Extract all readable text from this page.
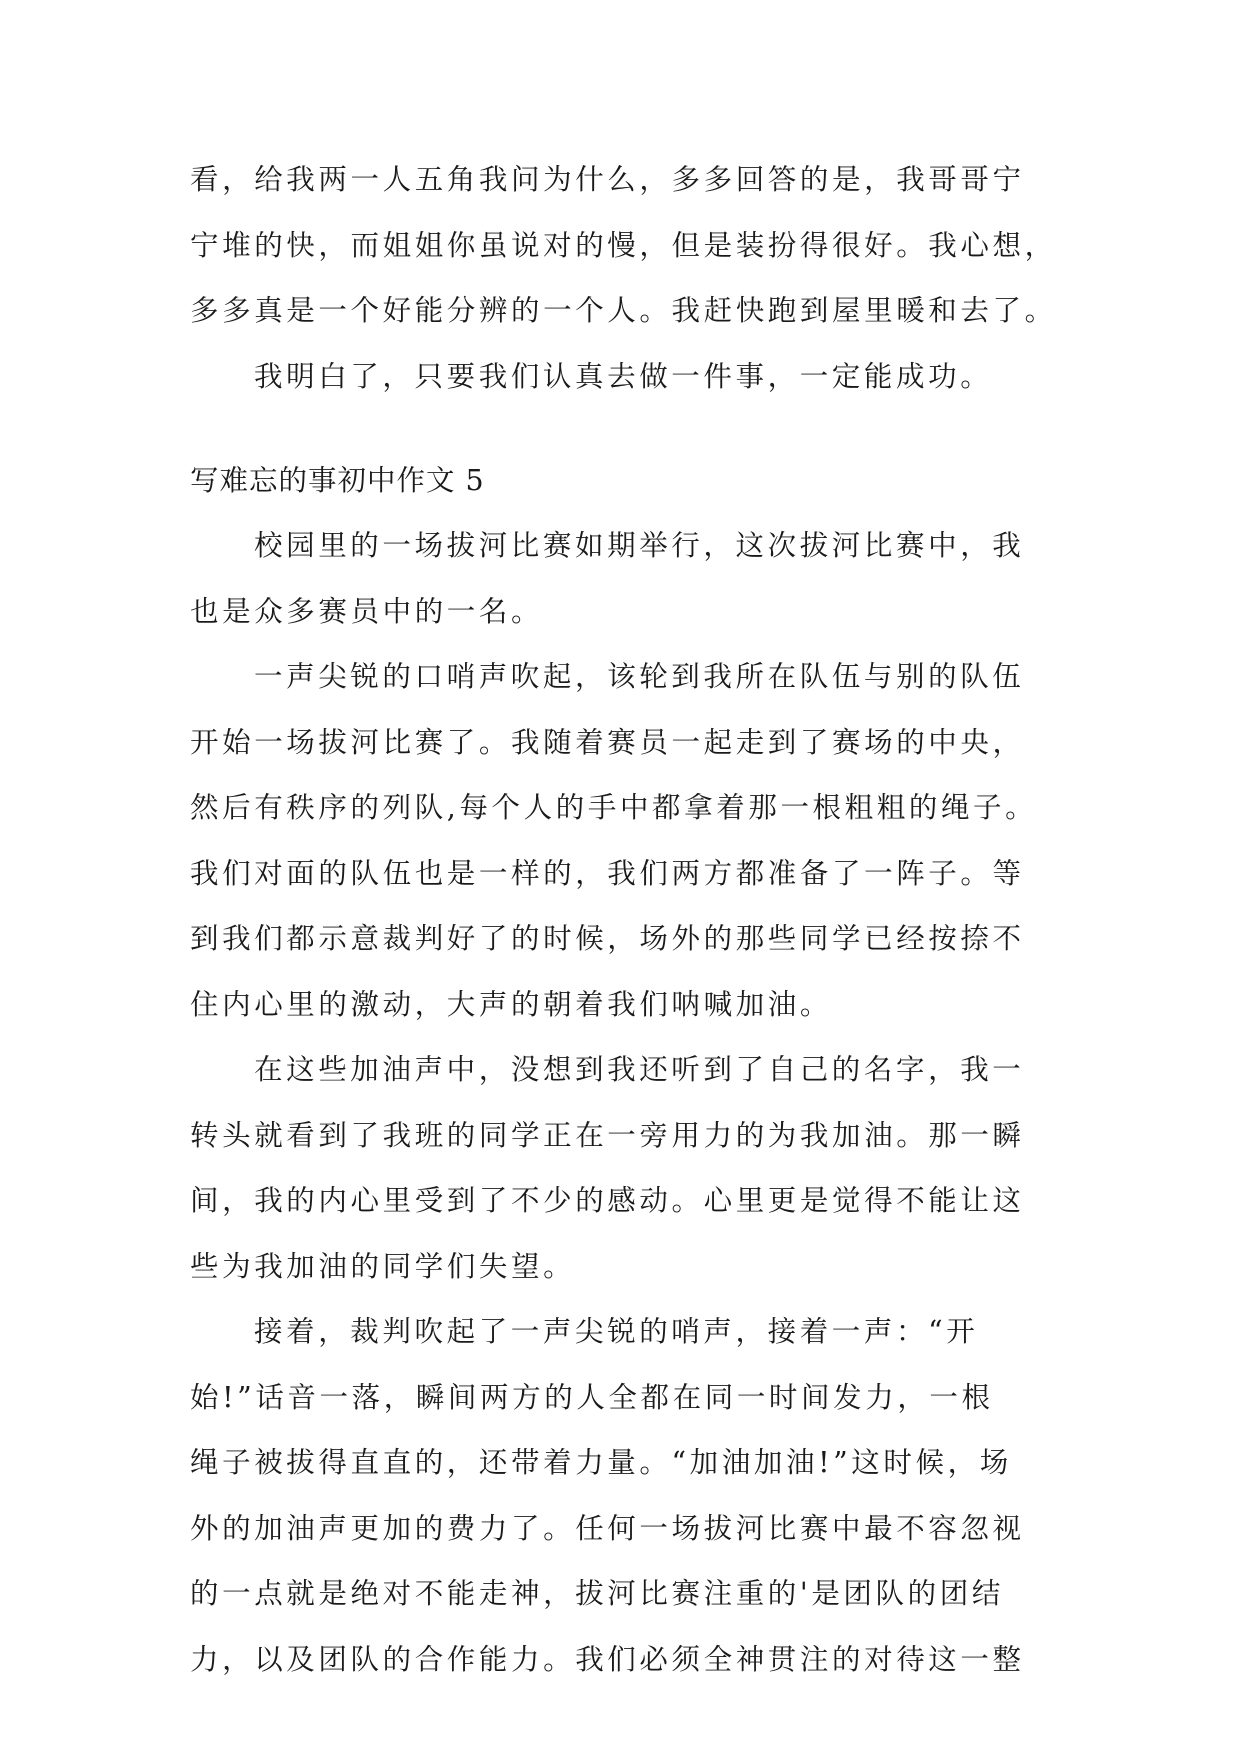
看，给我两一人五角我问为什么，多多回答的是，我哥哥宁
宁堆的快，而姐姐你虽说对的慢，但是装扮得很好。我心想，
多多真是一个好能分辨的一个人。我赶快跑到屋里暖和去了。
我明白了，只要我们认真去做一件事，一定能成功。
写难忘的事初中作文 5
校园里的一场拔河比赛如期举行，这次拔河比赛中，我
也是众多赛员中的一名。
一声尖锐的口哨声吹起，该轮到我所在队伍与别的队伍
开始一场拔河比赛了。我随着赛员一起走到了赛场的中央，
然后有秩序的列队,每个人的手中都拿着那一根粗粗的绳子。
我们对面的队伍也是一样的，我们两方都准备了一阵子。等
到我们都示意裁判好了的时候，场外的那些同学已经按捺不
住内心里的激动，大声的朝着我们呐喊加油。
在这些加油声中，没想到我还听到了自己的名字，我一
转头就看到了我班的同学正在一旁用力的为我加油。那一瞬
间，我的内心里受到了不少的感动。心里更是觉得不能让这
些为我加油的同学们失望。
接着，裁判吹起了一声尖锐的哨声，接着一声：“开
始!”话音一落，瞬间两方的人全都在同一时间发力，一根
绳子被拔得直直的，还带着力量。“加油加油!”这时候，场
外的加油声更加的费力了。任何一场拔河比赛中最不容忽视
的一点就是绝对不能走神，拔河比赛注重的'是团队的团结
力，以及团队的合作能力。我们必须全神贯注的对待这一整
